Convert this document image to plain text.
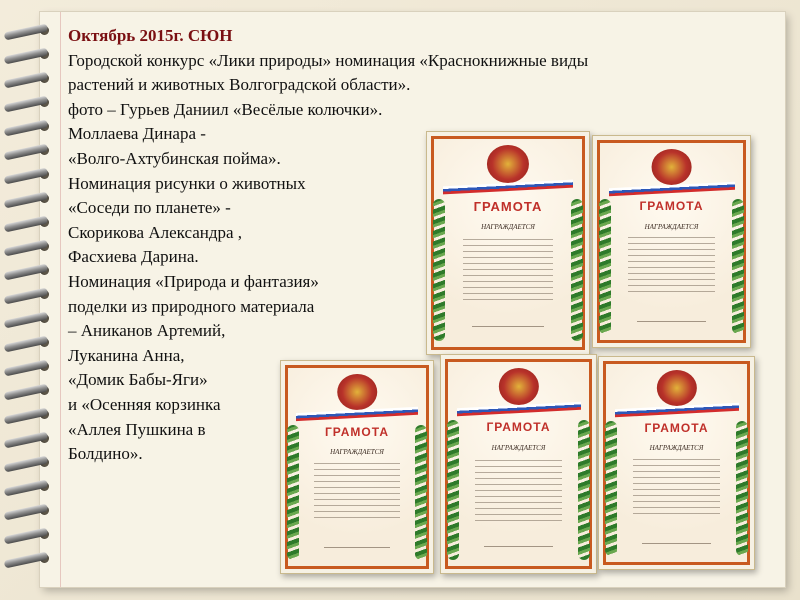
ГРАМОТА
НАГРАЖДАЕТСЯ
ГРАМОТА
НАГРАЖДАЕТСЯ
ГРАМОТА
НАГРАЖДАЕТСЯ
ГРАМОТА
НАГРАЖДАЕТСЯ
ГРАМОТА
НАГРАЖДАЕТСЯ
Октябрь 2015г. СЮН
Городской конкурс «Лики природы» номинация «Краснокнижные виды
растений и животных Волгоградской области».
фото – Гурьев Даниил «Весёлые колючки».
Моллаева Динара -
«Волго-Ахтубинская пойма».
Номинация рисунки о животных
«Соседи по планете» -
Скорикова Александра ,
Фасхиева Дарина.
Номинация «Природа и фантазия»
поделки из природного материала
– Аниканов Артемий,
Луканина Анна,
«Домик Бабы-Яги»
и «Осенняя корзинка
«Аллея Пушкина в
Болдино».
